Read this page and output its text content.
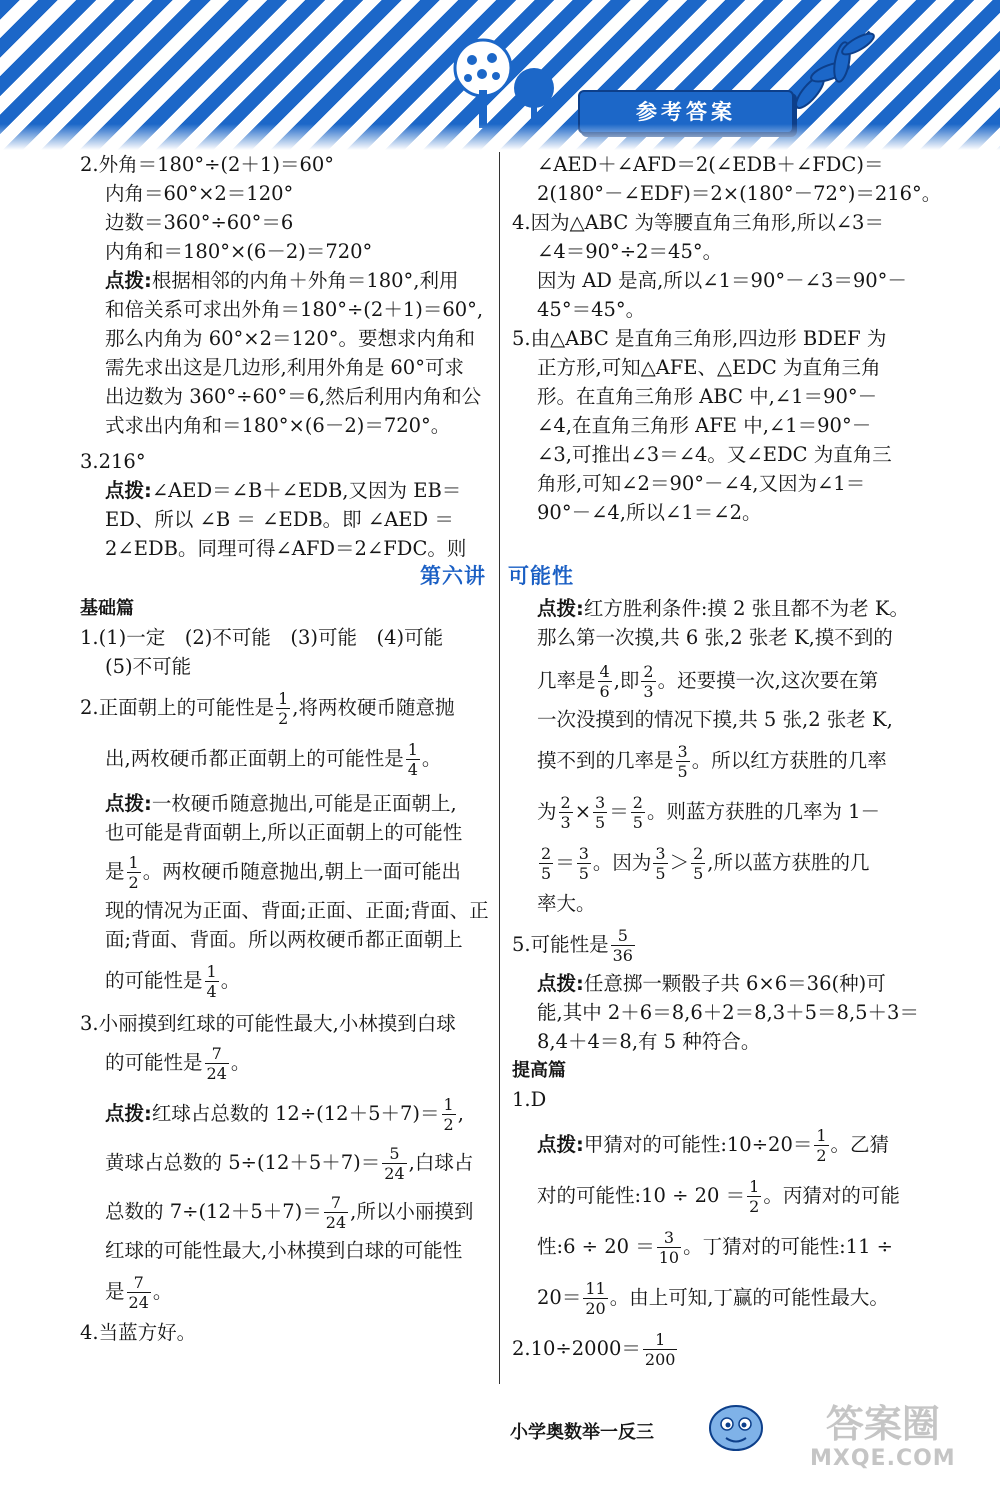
参考答案

2.外角＝180°÷(2＋1)＝60°

内角＝60°×2＝120°

边数＝360°÷60°＝6

内角和＝180°×(6－2)＝720°

点拨:根据相邻的内角＋外角＝180°,利用

和倍关系可求出外角＝180°÷(2＋1)＝60°,

那么内角为 60°×2＝120°。要想求内角和

需先求出这是几边形,利用外角是 60°可求

出边数为 360°÷60°＝6,然后利用内角和公

式求出内角和＝180°×(6－2)＝720°。

3.216°

点拨:∠AED＝∠B＋∠EDB,又因为 EB＝

ED、所以 ∠B ＝ ∠EDB。即 ∠AED ＝

2∠EDB。同理可得∠AFD＝2∠FDC。则

∠AED＋∠AFD＝2(∠EDB＋∠FDC)＝

2(180°－∠EDF)＝2×(180°－72°)＝216°。

4.因为△ABC 为等腰直角三角形,所以∠3＝

∠4＝90°÷2＝45°。

因为 AD 是高,所以∠1＝90°－∠3＝90°－

45°＝45°。

5.由△ABC 是直角三角形,四边形 BDEF 为

正方形,可知△AFE、△EDC 为直角三角

形。在直角三角形 ABC 中,∠1＝90°－

∠4,在直角三角形 AFE 中,∠1＝90°－

∠3,可推出∠3＝∠4。又∠EDC 为直角三

角形,可知∠2＝90°－∠4,又因为∠1＝

90°－∠4,所以∠1＝∠2。

第六讲　可能性

基础篇

1.(1)一定　(2)不可能　(3)可能　(4)可能

(5)不可能

2.正面朝上的可能性是 $\frac{1}{2}$ ,将两枚硬币随意抛

出,两枚硬币都正面朝上的可能性是 $\frac{1}{4}$ 。

点拨:一枚硬币随意抛出,可能是正面朝上,

也可能是背面朝上,所以正面朝上的可能性

是 $\frac{1}{2}$ 。两枚硬币随意抛出,朝上一面可能出

现的情况为正面、背面;正面、正面;背面、正

面;背面、背面。所以两枚硬币都正面朝上

的可能性是 $\frac{1}{4}$ 。

3.小丽摸到红球的可能性最大,小林摸到白球

的可能性是 $\frac{7}{24}$ 。

点拨:红球占总数的 $12\div(12+5+7)= \frac{1}{2}$ ,

黄球占总数的 $5\div(12+5+7)= \frac{5}{24}$ ,白球占

总数的 $7\div(12+5+7)= \frac{7}{24}$ ,所以小丽摸到

红球的可能性最大,小林摸到白球的可能性

是 $\frac{7}{24}$ 。

4.当蓝方好。

点拨:红方胜利条件:摸 2 张且都不为老 K。

那么第一次摸,共 6 张,2 张老 K,摸不到的

几率是 $\frac{4}{6}$ ,即 $\frac{2}{3}$ 。还要摸一次,这次要在第

一次没摸到的情况下摸,共 5 张,2 张老 K,

摸不到的几率是 $\frac{3}{5}$ 。所以红方获胜的几率

为 $\frac{2}{3} \times \frac{3}{5} = \frac{2}{5}$ 。则蓝方获胜的几率为 1－

$\frac{2}{5} = \frac{3}{5}$ 。因为 $\frac{3}{5} > \frac{2}{5}$ ,所以蓝方获胜的几

率大。

5.可能性是 $\frac{5}{36}$

点拨:任意掷一颗骰子共 6×6＝36(种)可

能,其中 2＋6＝8,6＋2＝8,3＋5＝8,5＋3＝

8,4＋4＝8,有 5 种符合。

提高篇

1.D

点拨:甲猜对的可能性:10÷20＝ $\frac{1}{2}$ 。乙猜

对的可能性:10 ÷ $20 = \frac{1}{2}$ 。丙猜对的可能

性:6 ÷ $20 = \frac{3}{10}$ 。丁猜对的可能性:11 ÷

$20= \frac{11}{20}$ 。由上可知,丁赢的可能性最大。

$2.10\div 2000= \frac{1}{200}$

小学奥数举一反三	答案圈
MXQE.COM
